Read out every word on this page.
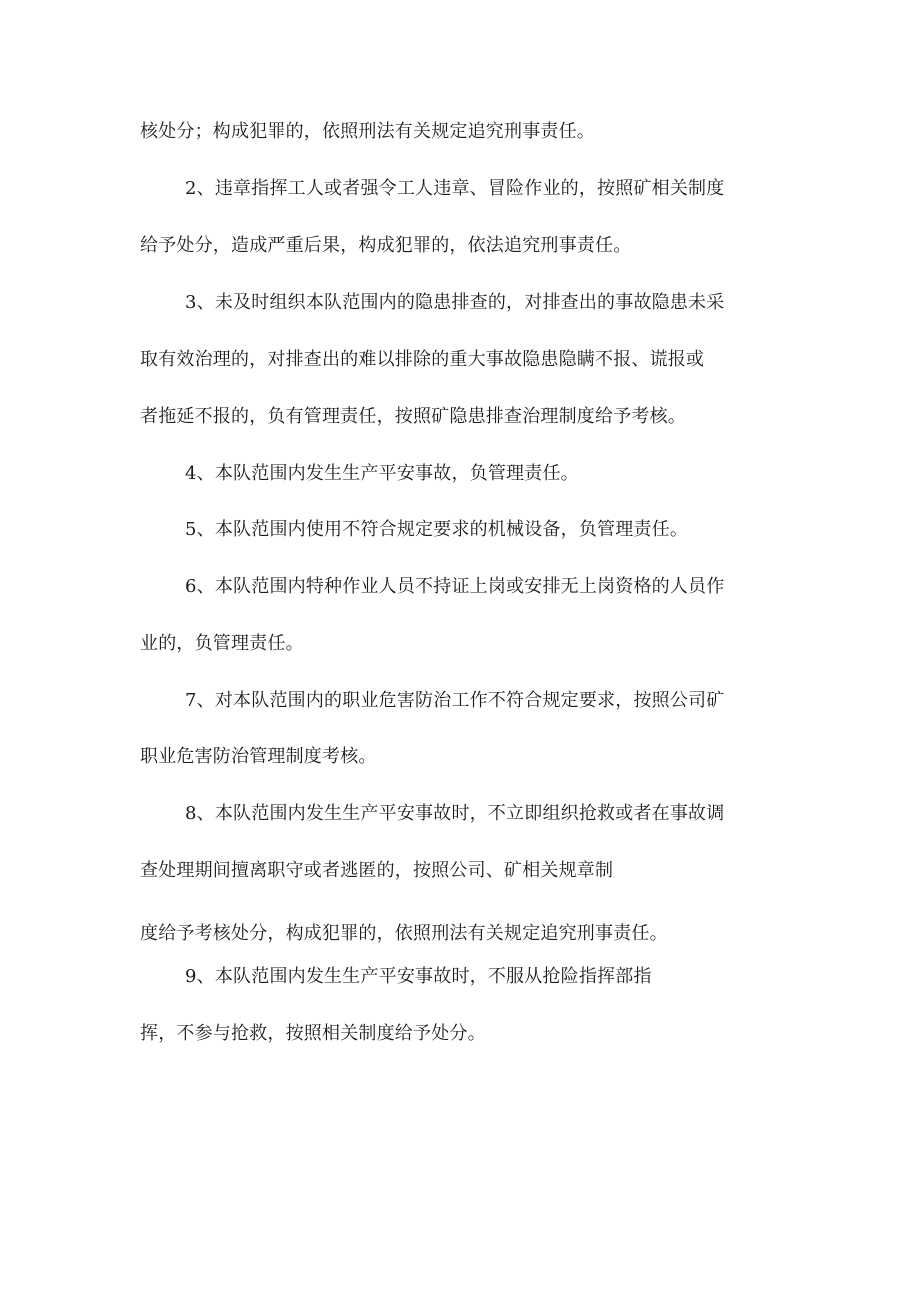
核处分；构成犯罪的，依照刑法有关规定追究刑事责任。
2、违章指挥工人或者强令工人违章、冒险作业的，按照矿相关制度
给予处分，造成严重后果，构成犯罪的，依法追究刑事责任。
3、未及时组织本队范围内的隐患排查的，对排查出的事故隐患未采
取有效治理的，对排查出的难以排除的重大事故隐患隐瞒不报、谎报或
者拖延不报的，负有管理责任，按照矿隐患排查治理制度给予考核。
4、本队范围内发生生产平安事故，负管理责任。
5、本队范围内使用不符合规定要求的机械设备，负管理责任。
6、本队范围内特种作业人员不持证上岗或安排无上岗资格的人员作
业的，负管理责任。
7、对本队范围内的职业危害防治工作不符合规定要求，按照公司矿
职业危害防治管理制度考核。
8、本队范围内发生生产平安事故时，不立即组织抢救或者在事故调
查处理期间擅离职守或者逃匿的，按照公司、矿相关规章制
度给予考核处分，构成犯罪的，依照刑法有关规定追究刑事责任。
9、本队范围内发生生产平安事故时，不服从抢险指挥部指
挥，不参与抢救，按照相关制度给予处分。
